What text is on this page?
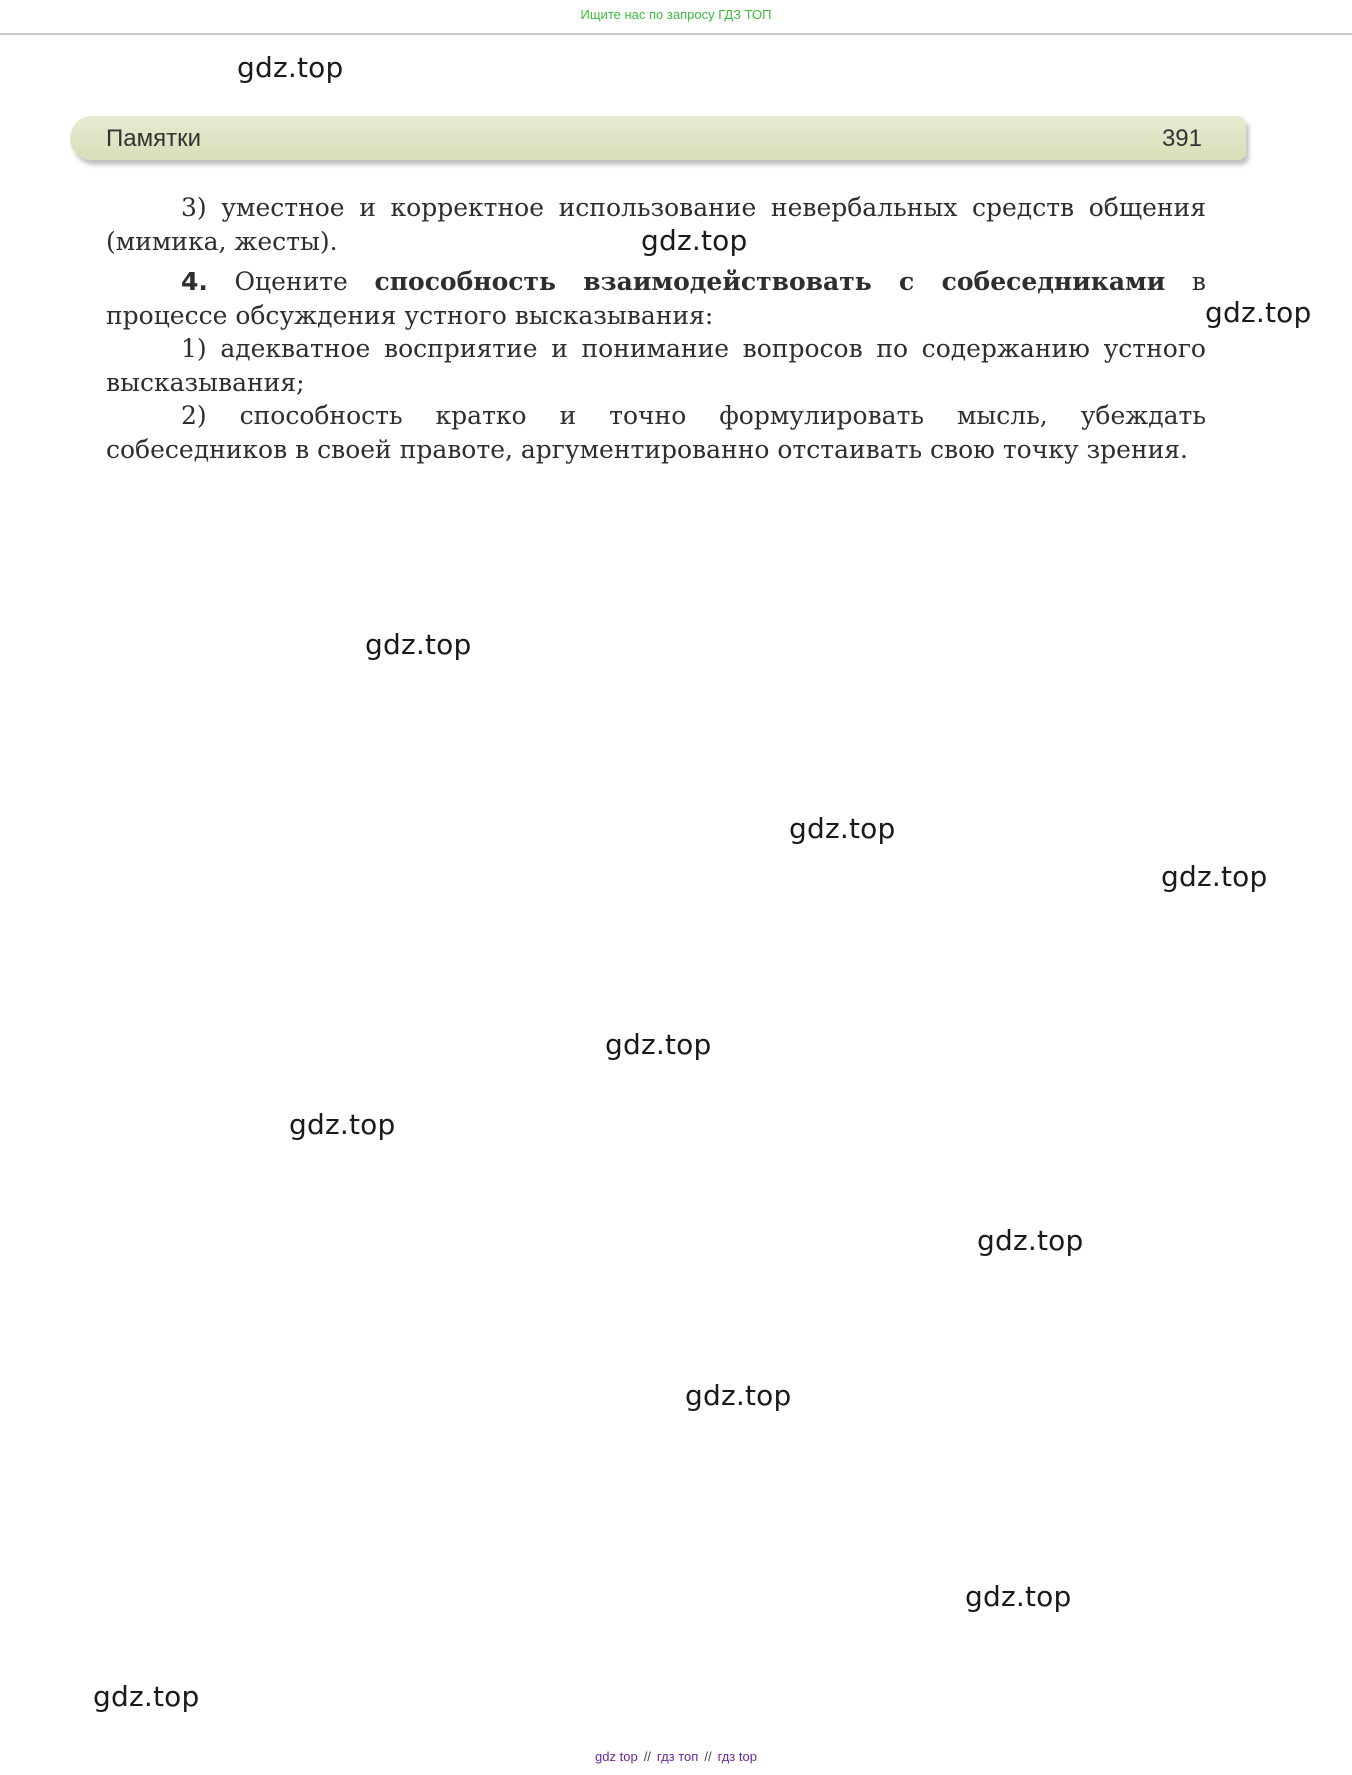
Ищите нас по запросу ГДЗ ТОП
gdz.top
Памятки	391

3) уместное и корректное использование невербальных средств общения (мимика, жесты).

4. Оцените способность взаимодействовать с собеседниками в процессе обсуждения устного высказывания:

1) адекватное восприятие и понимание вопросов по содержанию устного высказывания;

2) способность кратко и точно формулировать мысль, убеждать собеседников в своей правоте, аргументированно отстаивать свою точку зрения.

gdz.top
gdz.top
gdz.top
gdz.top
gdz.top
gdz.top
gdz.top
gdz.top
gdz.top
gdz.top
gdz.top
gdz top // гдз топ // гдз top
